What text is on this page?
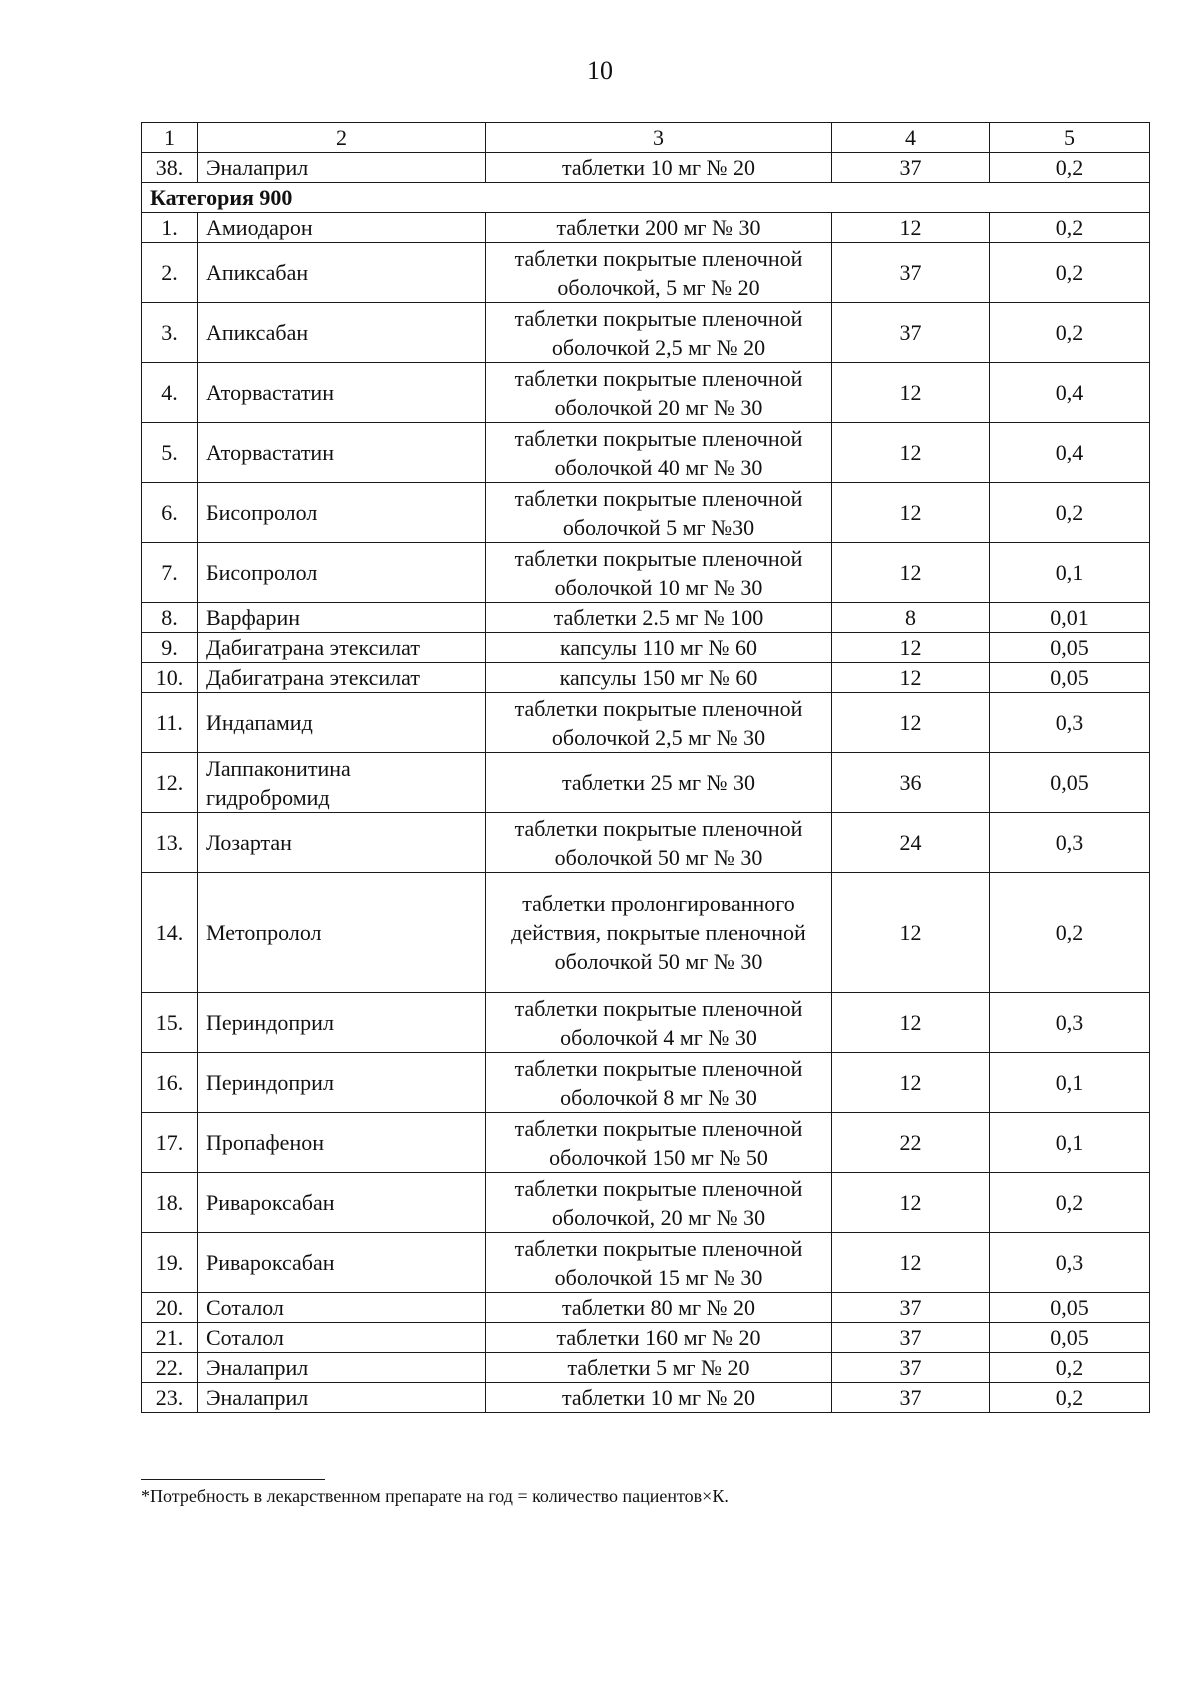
10
1	2	3	4	5
38.	Эналаприл	таблетки 10 мг № 20	37	0,2
Категория 900				
1.	Амиодарон	таблетки 200 мг № 30	12	0,2
2.	Апиксабан	таблетки покрытые пленочной оболочкой, 5 мг № 20	37	0,2
3.	Апиксабан	таблетки покрытые пленочной оболочкой 2,5 мг № 20	37	0,2
4.	Аторвастатин	таблетки покрытые пленочной оболочкой 20 мг № 30	12	0,4
5.	Аторвастатин	таблетки покрытые пленочной оболочкой 40 мг № 30	12	0,4
6.	Бисопролол	таблетки покрытые пленочной оболочкой 5 мг №30	12	0,2
7.	Бисопролол	таблетки покрытые пленочной оболочкой 10 мг № 30	12	0,1
8.	Варфарин	таблетки 2.5 мг № 100	8	0,01
9.	Дабигатрана этексилат	капсулы 110 мг № 60	12	0,05
10.	Дабигатрана этексилат	капсулы 150 мг № 60	12	0,05
11.	Индапамид	таблетки покрытые пленочной оболочкой 2,5 мг № 30	12	0,3
12.	Лаппаконитина гидробромид	таблетки 25 мг № 30	36	0,05
13.	Лозартан	таблетки покрытые пленочной оболочкой 50 мг № 30	24	0,3
14.	Метопролол	таблетки пролонгированного действия, покрытые пленочной оболочкой 50 мг № 30	12	0,2
15.	Периндоприл	таблетки покрытые пленочной оболочкой 4 мг № 30	12	0,3
16.	Периндоприл	таблетки покрытые пленочной оболочкой 8 мг № 30	12	0,1
17.	Пропафенон	таблетки покрытые пленочной оболочкой 150 мг № 50	22	0,1
18.	Ривароксабан	таблетки покрытые пленочной оболочкой, 20 мг № 30	12	0,2
19.	Ривароксабан	таблетки покрытые пленочной оболочкой 15 мг № 30	12	0,3
20.	Соталол	таблетки 80 мг № 20	37	0,05
21.	Соталол	таблетки 160 мг № 20	37	0,05
22.	Эналаприл	таблетки 5 мг № 20	37	0,2
23.	Эналаприл	таблетки 10 мг № 20	37	0,2
*Потребность в лекарственном препарате на год = количество пациентов×К.
